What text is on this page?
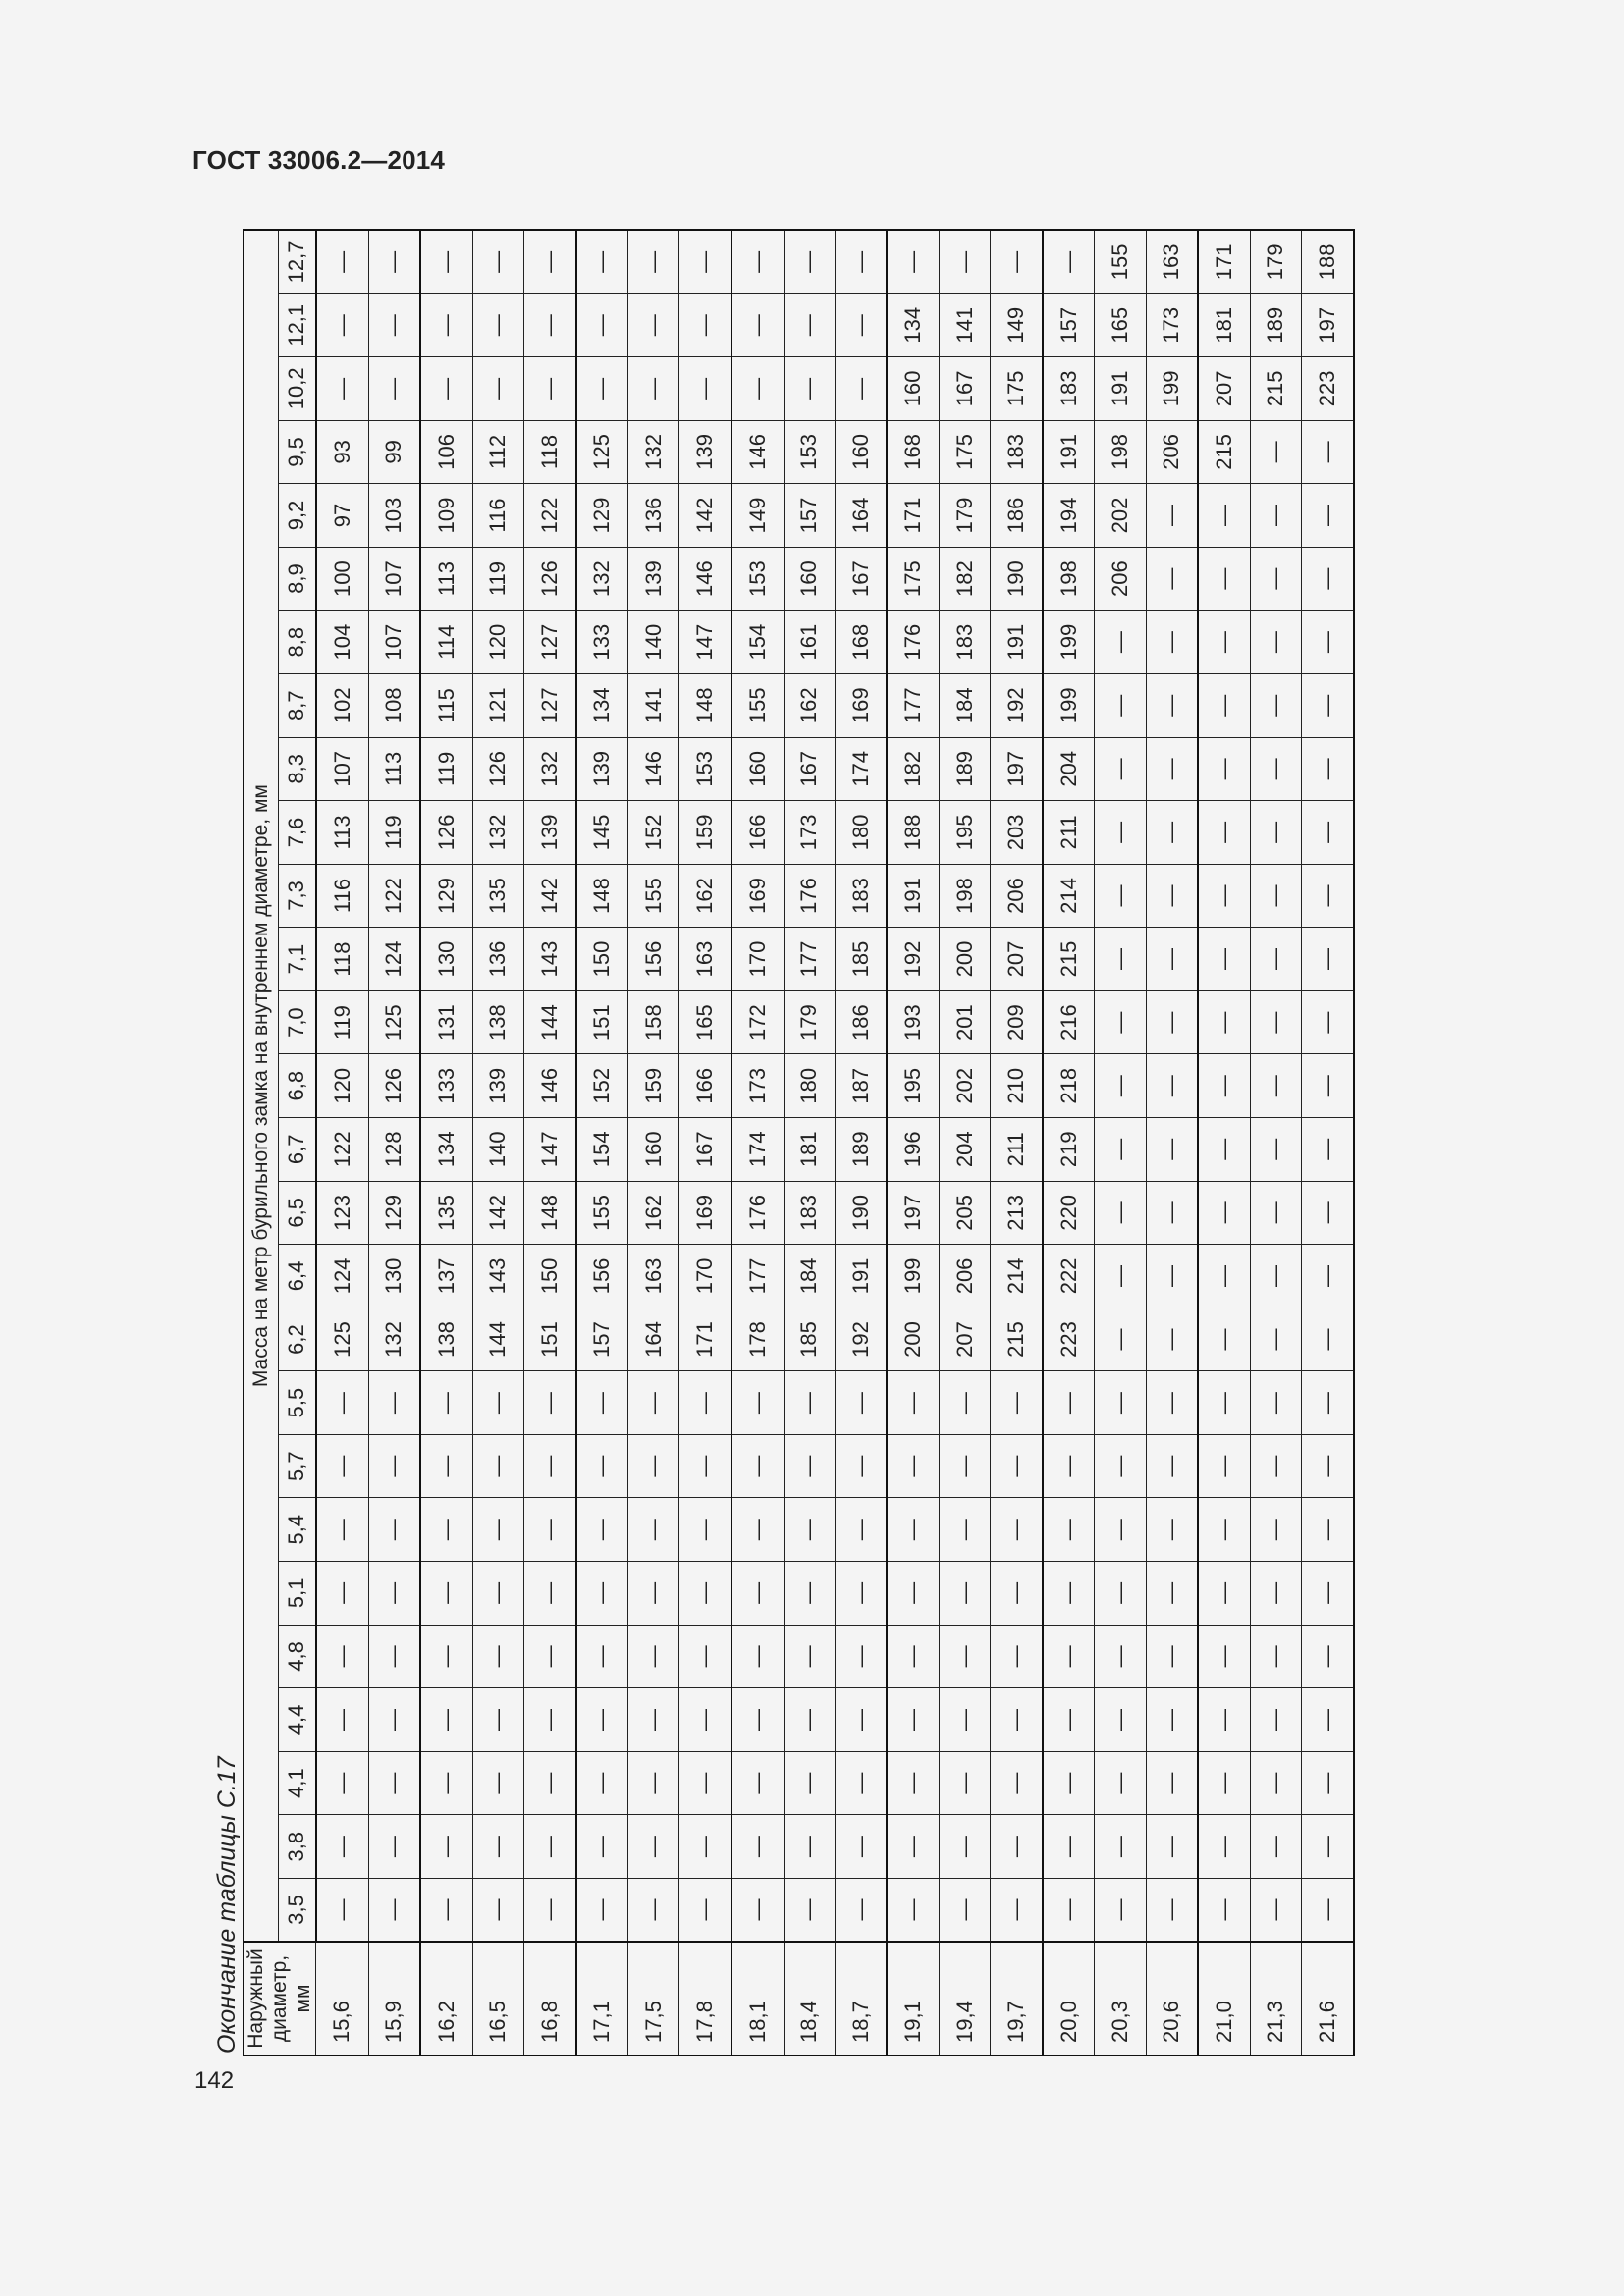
ГОСТ 33006.2—2014
Окончание таблицы С.17
142
Наружный диаметр, мм	Масса на метр бурильного замка на внутреннем диаметре, мм																										
	3,5	3,8	4,1	4,4	4,8	5,1	5,4	5,7	5,5	6,2	6,4	6,5	6,7	6,8	7,0	7,1	7,3	7,6	8,3	8,7	8,8	8,9	9,2	9,5	10,2	12,1	12,7
15,6	—	—	—	—	—	—	—	—	—	125	124	123	122	120	119	118	116	113	107	102	104	100	97	93	—	—	—
15,9	—	—	—	—	—	—	—	—	—	132	130	129	128	126	125	124	122	119	113	108	107	107	103	99	—	—	—
16,2	—	—	—	—	—	—	—	—	—	138	137	135	134	133	131	130	129	126	119	115	114	113	109	106	—	—	—
16,5	—	—	—	—	—	—	—	—	—	144	143	142	140	139	138	136	135	132	126	121	120	119	116	112	—	—	—
16,8	—	—	—	—	—	—	—	—	—	151	150	148	147	146	144	143	142	139	132	127	127	126	122	118	—	—	—
17,1	—	—	—	—	—	—	—	—	—	157	156	155	154	152	151	150	148	145	139	134	133	132	129	125	—	—	—
17,5	—	—	—	—	—	—	—	—	—	164	163	162	160	159	158	156	155	152	146	141	140	139	136	132	—	—	—
17,8	—	—	—	—	—	—	—	—	—	171	170	169	167	166	165	163	162	159	153	148	147	146	142	139	—	—	—
18,1	—	—	—	—	—	—	—	—	—	178	177	176	174	173	172	170	169	166	160	155	154	153	149	146	—	—	—
18,4	—	—	—	—	—	—	—	—	—	185	184	183	181	180	179	177	176	173	167	162	161	160	157	153	—	—	—
18,7	—	—	—	—	—	—	—	—	—	192	191	190	189	187	186	185	183	180	174	169	168	167	164	160	—	—	—
19,1	—	—	—	—	—	—	—	—	—	200	199	197	196	195	193	192	191	188	182	177	176	175	171	168	160	134	—
19,4	—	—	—	—	—	—	—	—	—	207	206	205	204	202	201	200	198	195	189	184	183	182	179	175	167	141	—
19,7	—	—	—	—	—	—	—	—	—	215	214	213	211	210	209	207	206	203	197	192	191	190	186	183	175	149	—
20,0	—	—	—	—	—	—	—	—	—	223	222	220	219	218	216	215	214	211	204	199	199	198	194	191	183	157	—
20,3	—	—	—	—	—	—	—	—	—	—	—	—	—	—	—	—	—	—	—	—	—	206	202	198	191	165	155
20,6	—	—	—	—	—	—	—	—	—	—	—	—	—	—	—	—	—	—	—	—	—	—	—	206	199	173	163
21,0	—	—	—	—	—	—	—	—	—	—	—	—	—	—	—	—	—	—	—	—	—	—	—	215	207	181	171
21,3	—	—	—	—	—	—	—	—	—	—	—	—	—	—	—	—	—	—	—	—	—	—	—	—	215	189	179
21,6	—	—	—	—	—	—	—	—	—	—	—	—	—	—	—	—	—	—	—	—	—	—	—	—	223	197	188
